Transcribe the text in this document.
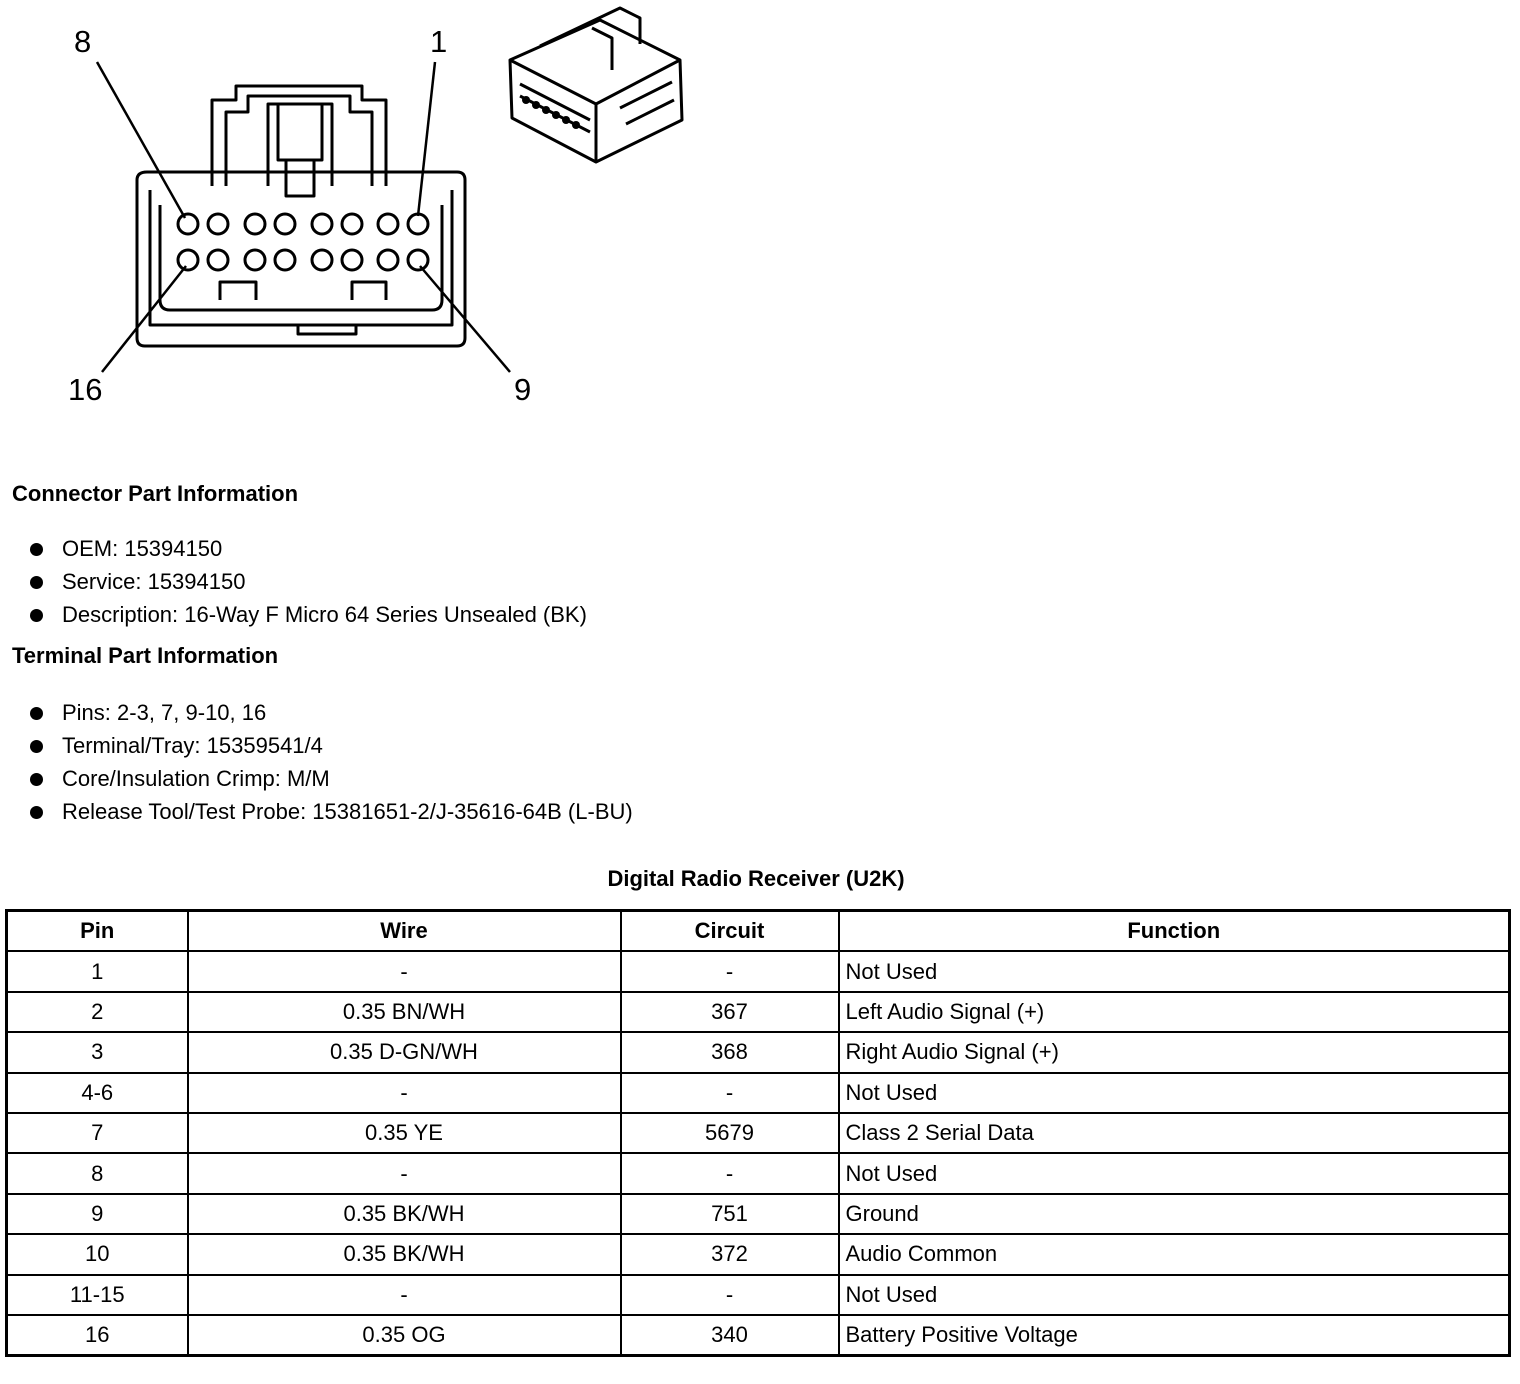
8	1
16	9
Connector Part Information
OEM: 15394150
Service: 15394150
Description: 16-Way F Micro 64 Series Unsealed (BK)
Terminal Part Information
Pins: 2-3, 7, 9-10, 16
Terminal/Tray: 15359541/4
Core/Insulation Crimp: M/M
Release Tool/Test Probe: 15381651-2/J-35616-64B (L-BU)
Digital Radio Receiver (U2K)
Pin	Wire	Circuit	Function
1	-	-	Not Used
2	0.35 BN/WH	367	Left Audio Signal (+)
3	0.35 D-GN/WH	368	Right Audio Signal (+)
4-6	-	-	Not Used
7	0.35 YE	5679	Class 2 Serial Data
8	-	-	Not Used
9	0.35 BK/WH	751	Ground
10	0.35 BK/WH	372	Audio Common
11-15	-	-	Not Used
16	0.35 OG	340	Battery Positive Voltage
